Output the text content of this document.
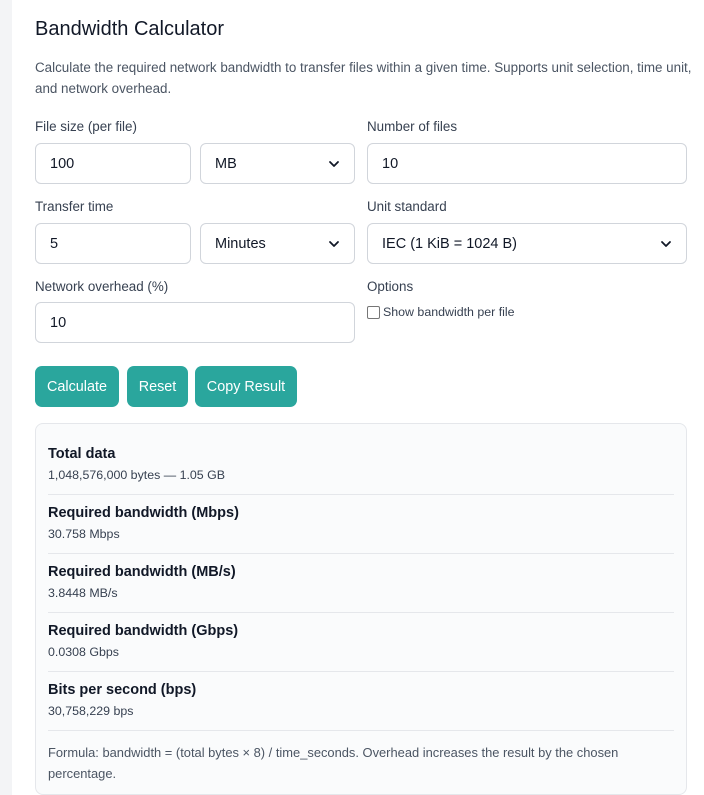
Bandwidth Calculator

Calculate the required network bandwidth to transfer files within a given time. Supports unit selection, time unit, and network overhead.

File size (per file)
100	MB
Number of files
10
Transfer time
5	Minutes
Unit standard
IEC (1 KiB = 1024 B)
Network overhead (%)
10
Options
Show bandwidth per file
Calculate	Reset	Copy Result
Total data
1,048,576,000 bytes — 1.05 GB
Required bandwidth (Mbps)
30.758 Mbps
Required bandwidth (MB/s)
3.8448 MB/s
Required bandwidth (Gbps)
0.0308 Gbps
Bits per second (bps)
30,758,229 bps
Formula: bandwidth = (total bytes × 8) / time_seconds. Overhead increases the result by the chosen percentage.
